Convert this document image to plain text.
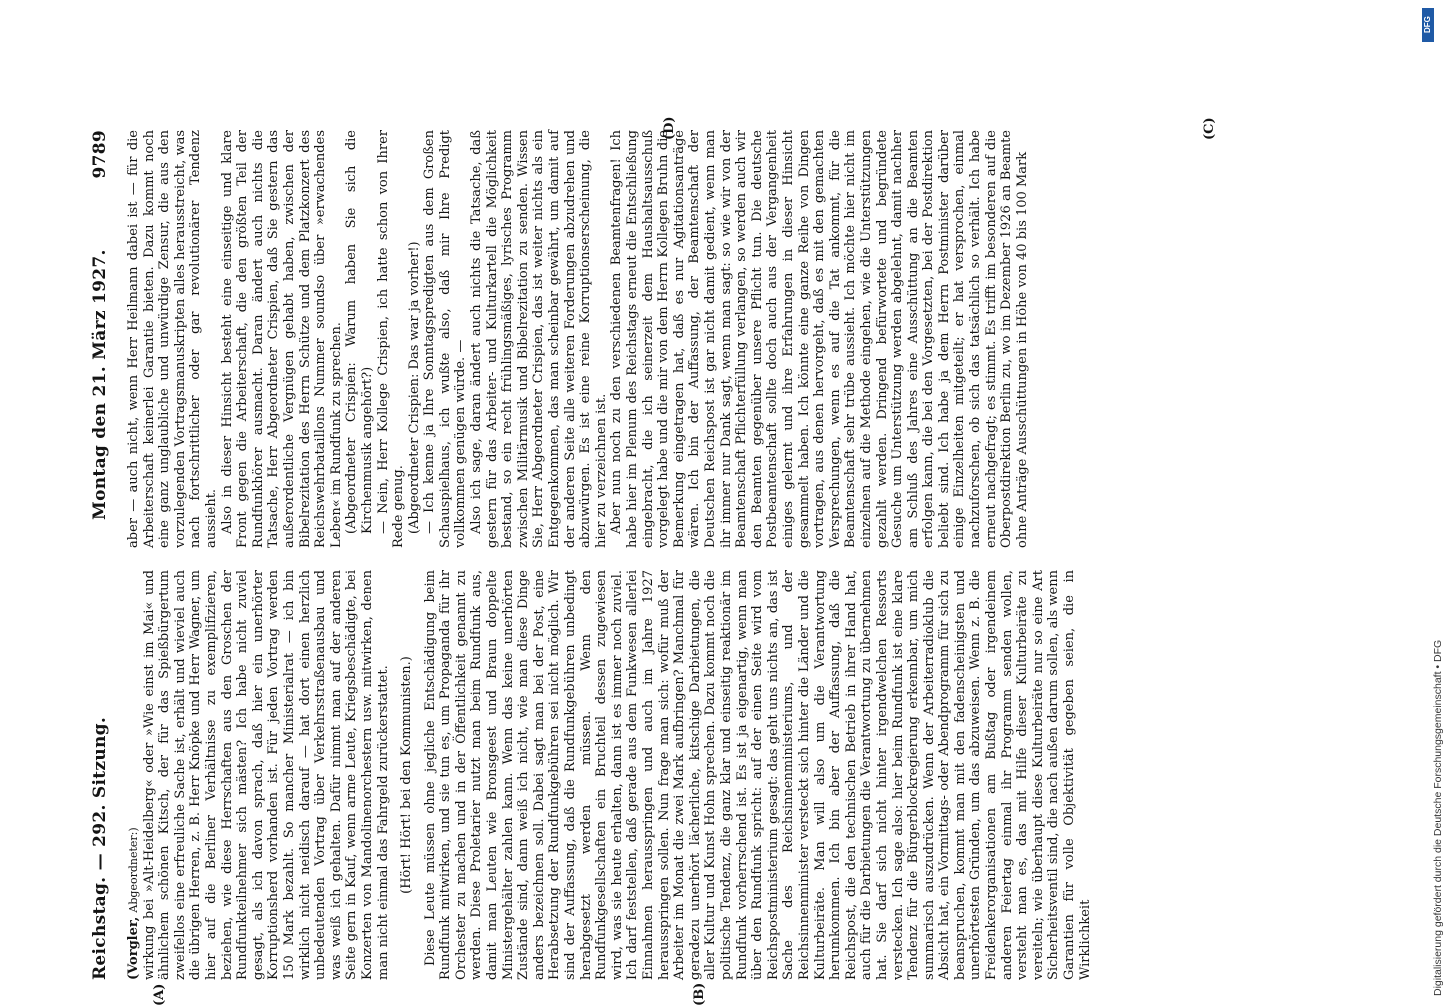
Reichstag. — 292. Sitzung.
Montag den 21. März 1927.
9789
(A)	(B)
(C)
(D)

(Vorgler, Abgeordneter:) wirkung bei »Alt-Heidelberg« oder »Wie einst im Mai« und ähnlichem schönen Kitsch, der für das Spießbürgertum zweifellos eine erfreuliche Sache ist, erhält und wieviel auch die übrigen Herren, z. B. Herr Knöpke und Herr Wagner, um hier auf die Berliner Verhältnisse zu exemplifizieren, beziehen, wie diese Herrschaften aus den Groschen der Rundfunkteilnehmer sich mästen? Ich habe nicht zuviel gesagt, als ich davon sprach, daß hier ein unerhörter Korruptionsherd vorhanden ist. Für jeden Vortrag werden 150 Mark bezahlt. So mancher Ministerialrat — ich bin wirklich nicht neidisch darauf — hat dort einen herzlich unbedeutenden Vortrag über Verkehrsstraßenausbau und was weiß ich gehalten. Dafür nimmt man auf der anderen Seite gern in Kauf, wenn arme Leute, Kriegsbeschädigte, bei Konzerten von Mandolinenorchestern usw. mitwirken, denen man nicht einmal das Fahrgeld zurückerstattet. (Hört! Hört! bei den Kommunisten.) Diese Leute müssen ohne jegliche Entschädigung beim Rundfunk mitwirken, und sie tun es, um Propaganda für ihr Orchester zu machen und in der Öffentlichkeit genannt zu werden. Diese Proletarier nutzt man beim Rundfunk aus, damit man Leuten wie Bronsgeest und Braun doppelte Ministergehälter zahlen kann. Wenn das keine unerhörten Zustände sind, dann weiß ich nicht, wie man diese Dinge anders bezeichnen soll. Dabei sagt man bei der Post, eine Herabsetzung der Rundfunkgebühren sei nicht möglich. Wir sind der Auffassung, daß die Rundfunkgebühren unbedingt herabgesetzt werden müssen. Wenn den Rundfunkgesellschaften ein Bruchteil dessen zugewiesen wird, was sie heute erhalten, dann ist es immer noch zuviel. Ich darf feststellen, daß gerade aus dem Funkwesen allerlei Einnahmen herausspringen und auch im Jahre 1927 herausspringen sollen. Nun frage man sich: wofür muß der Arbeiter im Monat die zwei Mark aufbringen? Manchmal für geradezu unerhört lächerliche, kitschige Darbietungen, die aller Kultur und Kunst Hohn sprechen. Dazu kommt noch die politische Tendenz, die ganz klar und einseitig reaktionär im Rundfunk vorherrschend ist. Es ist ja eigenartig, wenn man über den Rundfunk spricht: auf der einen Seite wird vom Reichspostministerium gesagt: das geht uns nichts an, das ist Sache des Reichsinnenministeriums, und der Reichsinnenminister versteckt sich hinter die Länder und die Kulturbeiräte. Man will also um die Verantwortung herumkommen. Ich bin aber der Auffassung, daß die Reichspost, die den technischen Betrieb in ihrer Hand hat, auch für die Darbietungen die Verantwortung zu übernehmen hat. Sie darf sich nicht hinter irgendwelchen Ressorts verstecken. Ich sage also: hier beim Rundfunk ist eine klare Tendenz für die Bürgerblockregierung erkennbar, um mich summarisch auszudrücken. Wenn der Arbeiterradioklub die Absicht hat, ein Vormittags- oder Abendprogramm für sich zu beanspruchen, kommt man mit den fadenscheinigsten und unerhörtesten Gründen, um das abzuweisen. Wenn z. B. die Freidenkerorganisationen am Bußtag oder irgendeinem anderen Feiertag einmal ihr Programm senden wollen, versteht man es, das mit Hilfe dieser Kulturbeiräte zu vereiteln; wie überhaupt diese Kulturbeiräte nur so eine Art Sicherheitsventil sind, die nach außen darum sollen, als wenn Garantien für volle Objektivität gegeben seien, die in Wirklichkeit

aber — auch nicht, wenn Herr Heilmann dabei ist — für die Arbeiterschaft keinerlei Garantie bieten. Dazu kommt noch eine ganz unglaubliche und unwürdige Zensur, die aus den vorzulegenden Vortragsmanuskripten alles herausstreicht, was nach fortschrittlicher oder gar revolutionärer Tendenz aussieht. Also in dieser Hinsicht besteht eine einseitige und klare Front gegen die Arbeiterschaft, die den größten Teil der Rundfunkhörer ausmacht. Daran ändert auch nichts die Tatsache, Herr Abgeordneter Crispien, daß Sie gestern das außerordentliche Vergnügen gehabt haben, zwischen der Bibelrezitation des Herrn Schütze und dem Platzkonzert des Reichswehrbataillons Nummer soundso über »erwachendes Leben« im Rundfunk zu sprechen. (Abgeordneter Crispien: Warum haben Sie sich die Kirchenmusik angehört?) — Nein, Herr Kollege Crispien, ich hatte schon von Ihrer Rede genug. (Abgeordneter Crispien: Das war ja vorher!) — Ich kenne ja Ihre Sonntagspredigten aus dem Großen Schauspielhaus, ich wußte also, daß mir Ihre Predigt vollkommen genügen würde. — Also ich sage, daran ändert auch nichts die Tatsache, daß gestern für das Arbeiter- und Kulturkartell die Möglichkeit bestand, so ein recht frühlingsmäßiges, lyrisches Programm zwischen Militärmusik und Bibelrezitation zu senden. Wissen Sie, Herr Abgeordneter Crispien, das ist weiter nichts als ein Entgegenkommen, das man scheinbar gewährt, um damit auf der anderen Seite alle weiteren Forderungen abzudrehen und abzuwürgen. Es ist eine reine Korruptionserscheinung, die hier zu verzeichnen ist. Aber nun noch zu den verschiedenen Beamtenfragen! Ich habe hier im Plenum des Reichstags erneut die Entschließung eingebracht, die ich seinerzeit dem Haushaltsausschuß vorgelegt habe und die mir von dem Herrn Kollegen Bruhn die Bemerkung eingetragen hat, daß es nur Agitationsanträge wären. Ich bin der Auffassung, der Beamtenschaft der Deutschen Reichspost ist gar nicht damit gedient, wenn man ihr immer nur Dank sagt, wenn man sagt: so wie wir von der Beamtenschaft Pflichterfüllung verlangen, so werden auch wir den Beamten gegenüber unsere Pflicht tun. Die deutsche Postbeamtenschaft sollte doch auch aus der Vergangenheit einiges gelernt und ihre Erfahrungen in dieser Hinsicht gesammelt haben. Ich könnte eine ganze Reihe von Dingen vortragen, aus denen hervorgeht, daß es mit den gemachten Versprechungen, wenn es auf die Tat ankommt, für die Beamtenschaft sehr trübe aussieht. Ich möchte hier nicht im einzelnen auf die Methode eingehen, wie die Unterstützungen gezahlt werden. Dringend befürwortete und begründete Gesuche um Unterstützung werden abgelehnt, damit nachher am Schluß des Jahres eine Ausschüttung an die Beamten erfolgen kann, die bei den Vorgesetzten, bei der Postdirektion beliebt sind. Ich habe ja dem Herrn Postminister darüber einige Einzelheiten mitgeteilt; er hat versprochen, einmal nachzuforschen, ob sich das tatsächlich so verhält. Ich habe erneut nachgefragt; es stimmt. Es trifft im besonderen auf die Oberpostdirektion Berlin zu, wo im Dezember 1926 an Beamte ohne Anträge Ausschüttungen in Höhe von 40 bis 100 Mark

Digitalisierung gefördert durch die Deutsche Forschungsgemeinschaft • DFG
DFG
